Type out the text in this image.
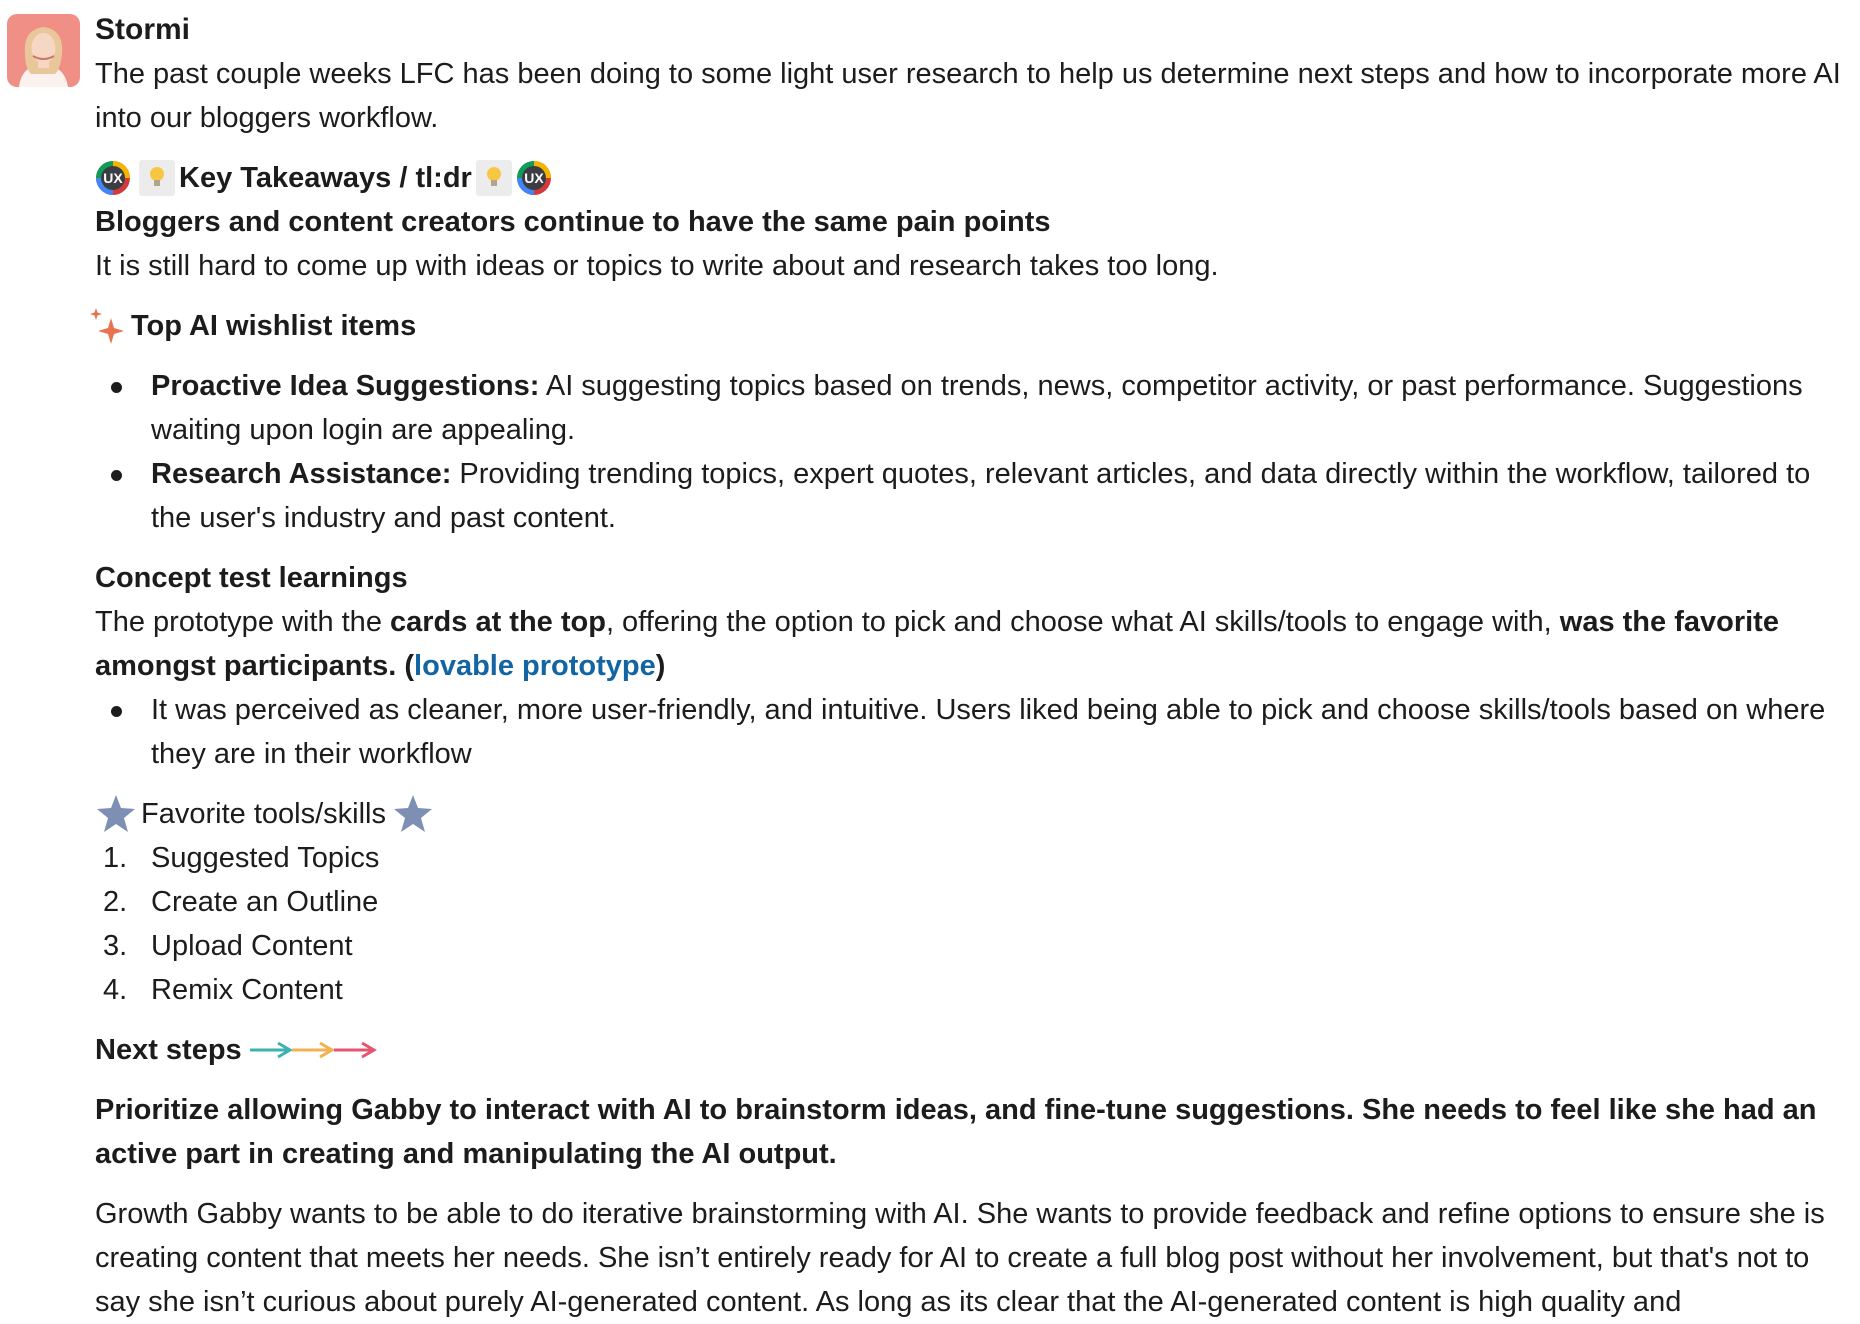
Stormi

The past couple weeks LFC has been doing to some light user research to help us determine next steps and how to incorporate more AI into our bloggers workflow.

UX Key Takeaways / tl:dr	UX

Bloggers and content creators continue to have the same pain points

It is still hard to come up with ideas or topics to write about and research takes too long.

Top AI wishlist items
Proactive Idea Suggestions: AI suggesting topics based on trends, news, competitor activity, or past performance. Suggestions waiting upon login are appealing.
Research Assistance: Providing trending topics, expert quotes, relevant articles, and data directly within the workflow, tailored to the user's industry and past content.

Concept test learnings

The prototype with the cards at the top, offering the option to pick and choose what AI skills/tools to engage with, was the favorite amongst participants. (lovable prototype)

It was perceived as cleaner, more user-friendly, and intuitive. Users liked being able to pick and choose skills/tools based on where they are in their workflow
Favorite tools/skills
1. Suggested Topics
2. Create an Outline
3. Upload Content
4. Remix Content
Next steps

Prioritize allowing Gabby to interact with AI to brainstorm ideas, and fine-tune suggestions. She needs to feel like she had an active part in creating and manipulating the AI output.

Growth Gabby wants to be able to do iterative brainstorming with AI. She wants to provide feedback and refine options to ensure she is creating content that meets her needs. She isn’t entirely ready for AI to create a full blog post without her involvement, but that's not to say she isn’t curious about purely AI-generated content. As long as its clear that the AI-generated content is high quality and
